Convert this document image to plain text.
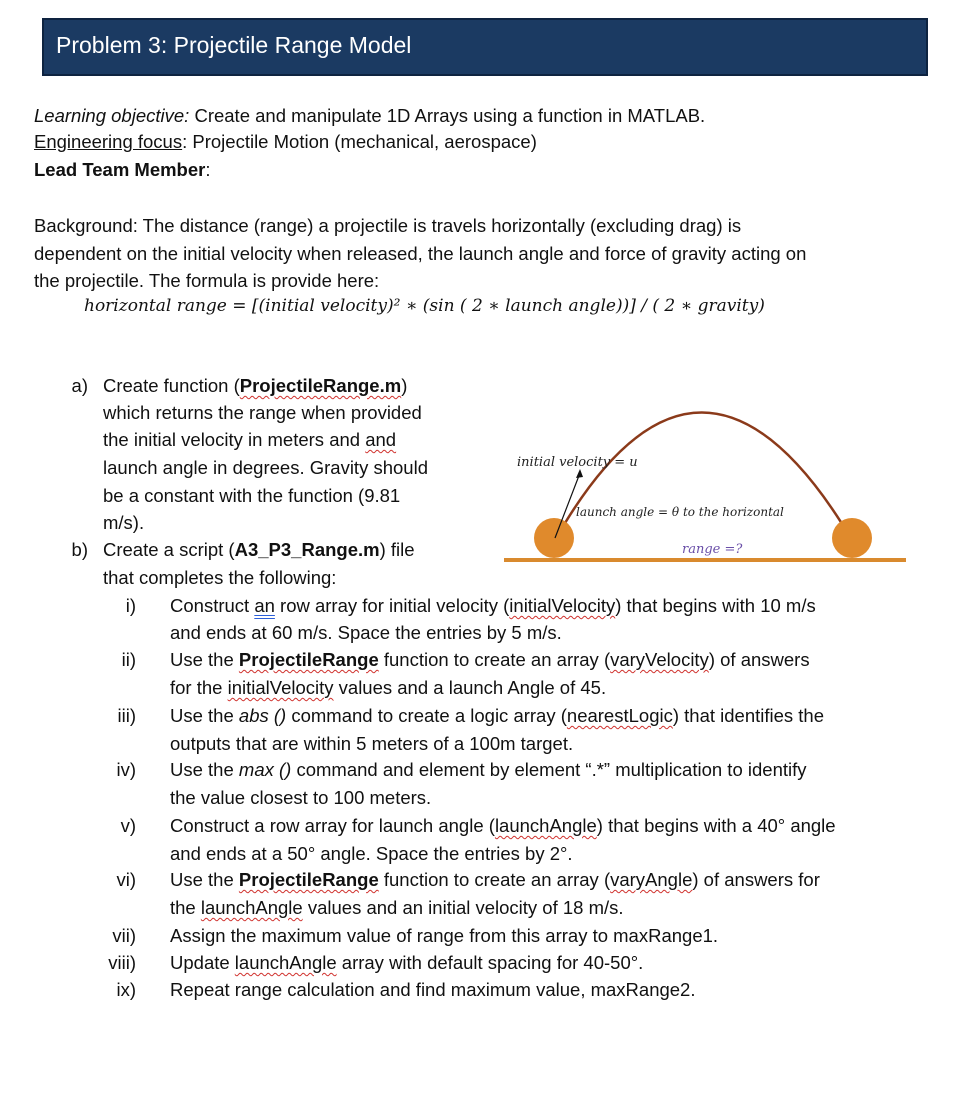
Problem 3: Projectile Range Model
Learning objective: Create and manipulate 1D Arrays using a function in MATLAB.
Engineering focus: Projectile Motion (mechanical, aerospace)
Lead Team Member:
Background: The distance (range) a projectile is travels horizontally (excluding drag) is
dependent on the initial velocity when released, the launch angle and force of gravity acting on
the projectile. The formula is provide here:
horizontal range = [(initial velocity)² ∗ (sin ( 2 ∗ launch angle))] / ( 2 ∗ gravity)
initial velocity = u
launch angle = θ to the horizontal
range =?
a) Create function (ProjectileRange.m)
which returns the range when provided
the initial velocity in meters and and
launch angle in degrees. Gravity should
be a constant with the function (9.81
m/s).
b) Create a script (A3_P3_Range.m) file
that completes the following:
i) Construct an row array for initial velocity (initialVelocity) that begins with 10 m/s
and ends at 60 m/s. Space the entries by 5 m/s.
ii) Use the ProjectileRange function to create an array (varyVelocity) of answers
for the initialVelocity values and a launch Angle of 45.
iii) Use the abs () command to create a logic array (nearestLogic) that identifies the
outputs that are within 5 meters of a 100m target.
iv) Use the max () command and element by element “.*” multiplication to identify
the value closest to 100 meters.
v) Construct a row array for launch angle (launchAngle) that begins with a 40° angle
and ends at a 50° angle. Space the entries by 2°.
vi) Use the ProjectileRange function to create an array (varyAngle) of answers for
the launchAngle values and an initial velocity of 18 m/s.
vii) Assign the maximum value of range from this array to maxRange1.
viii) Update launchAngle array with default spacing for 40-50°.
ix) Repeat range calculation and find maximum value, maxRange2.
